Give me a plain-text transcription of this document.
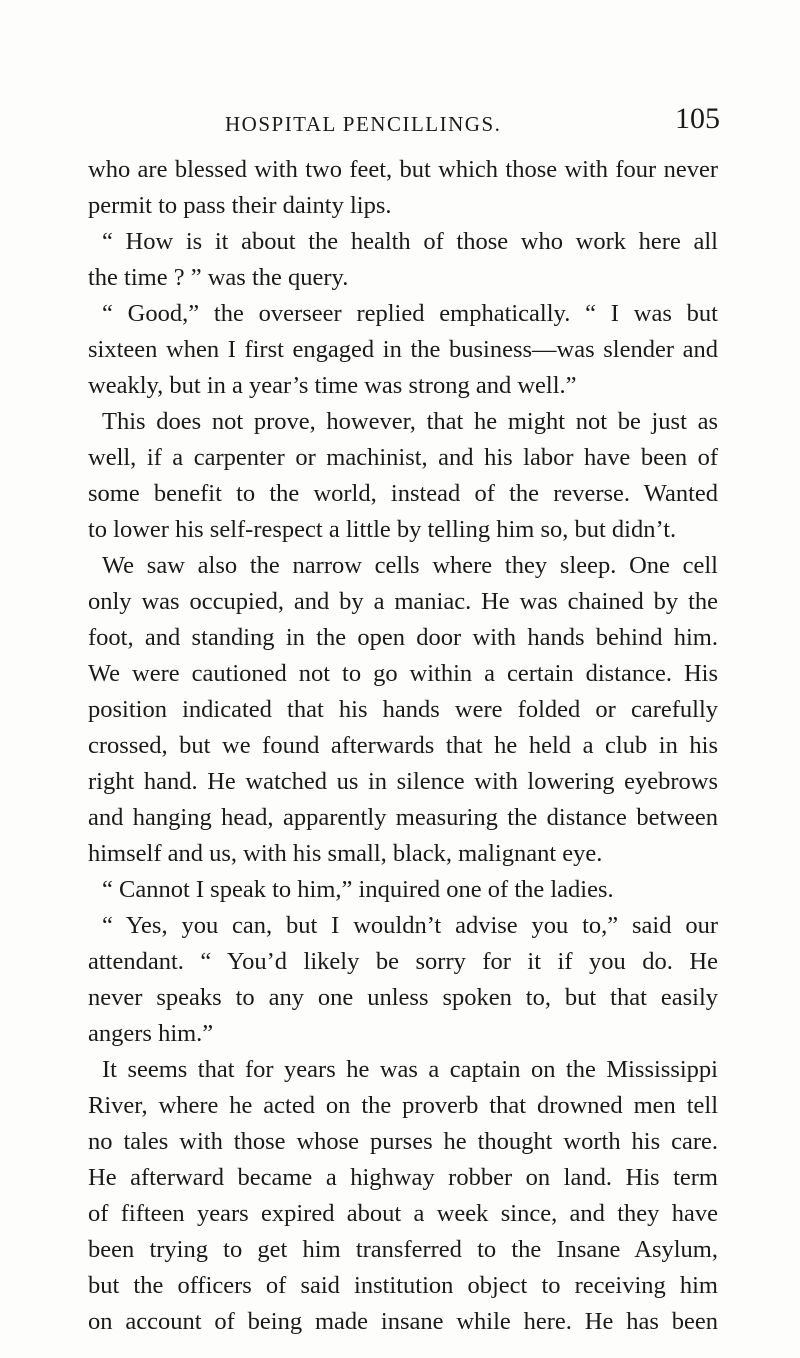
HOSPITAL PENCILLINGS.	105
who are blessed with two feet, but which those with four never
permit to pass their dainty lips.
“ How is it about the health of those who work here all
the time ? ” was the query.
“ Good,” the overseer replied emphatically. “ I was but
sixteen when I first engaged in the business—was slender and
weakly, but in a year’s time was strong and well.”
This does not prove, however, that he might not be just as
well, if a carpenter or machinist, and his labor have been of
some benefit to the world, instead of the reverse. Wanted
to lower his self-respect a little by telling him so, but didn’t.
We saw also the narrow cells where they sleep. One cell
only was occupied, and by a maniac. He was chained by the
foot, and standing in the open door with hands behind him.
We were cautioned not to go within a certain distance. His
position indicated that his hands were folded or carefully
crossed, but we found afterwards that he held a club in his
right hand. He watched us in silence with lowering eyebrows
and hanging head, apparently measuring the distance between
himself and us, with his small, black, malignant eye.
“ Cannot I speak to him,” inquired one of the ladies.
“ Yes, you can, but I wouldn’t advise you to,” said our
attendant. “ You’d likely be sorry for it if you do. He
never speaks to any one unless spoken to, but that easily
angers him.”
It seems that for years he was a captain on the Mississippi
River, where he acted on the proverb that drowned men tell
no tales with those whose purses he thought worth his care.
He afterward became a highway robber on land. His term
of fifteen years expired about a week since, and they have
been trying to get him transferred to the Insane Asylum,
but the officers of said institution object to receiving him
on account of being made insane while here. He has been
